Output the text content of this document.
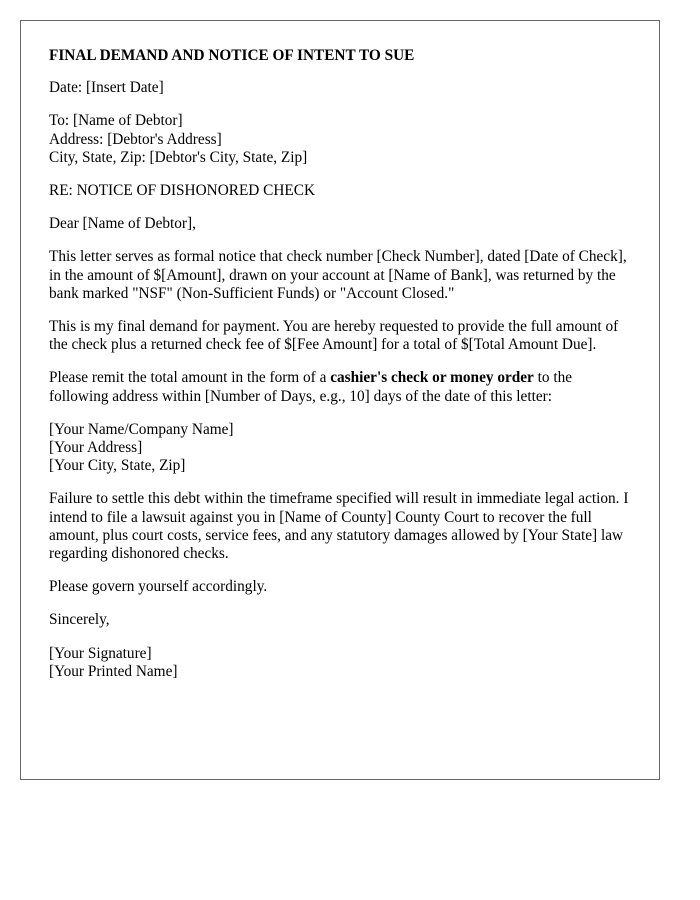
FINAL DEMAND AND NOTICE OF INTENT TO SUE

Date: [Insert Date]

To: [Name of Debtor]
Address: [Debtor's Address]
City, State, Zip: [Debtor's City, State, Zip]

RE: NOTICE OF DISHONORED CHECK

Dear [Name of Debtor],

This letter serves as formal notice that check number [Check Number], dated [Date of Check], in the amount of $[Amount], drawn on your account at [Name of Bank], was returned by the bank marked "NSF" (Non-Sufficient Funds) or "Account Closed."

This is my final demand for payment. You are hereby requested to provide the full amount of the check plus a returned check fee of $[Fee Amount] for a total of $[Total Amount Due].

Please remit the total amount in the form of a cashier's check or money order to the following address within [Number of Days, e.g., 10] days of the date of this letter:

[Your Name/Company Name]
[Your Address]
[Your City, State, Zip]

Failure to settle this debt within the timeframe specified will result in immediate legal action. I intend to file a lawsuit against you in [Name of County] County Court to recover the full amount, plus court costs, service fees, and any statutory damages allowed by [Your State] law regarding dishonored checks.

Please govern yourself accordingly.

Sincerely,

[Your Signature]
[Your Printed Name]
